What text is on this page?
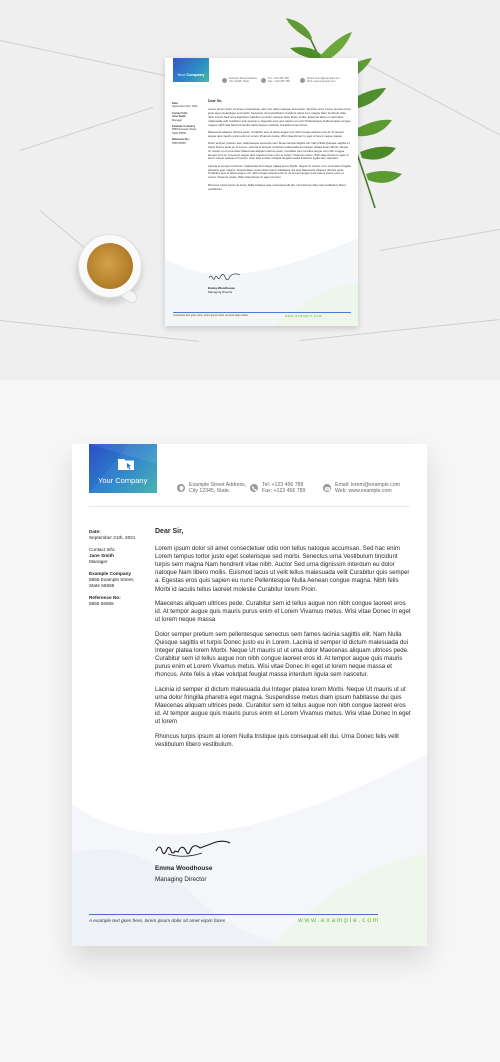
Your Company
Example Street Address,
City 12345, State.
Tel: +123 456 789
Fax: +123 456 789
Email: lorem@example.com
Web: www.example.com
Date:
September 21th, 2021
Contact Info:
Jane Smith
Manager
Example Company
5555 Example Street,
State 55555
Reference No:
5555 55555

Dear Sir,

Lorem ipsum dolor sit amet consectetuer odio non tellus natoque accumsan. Sed hac enim Lorem tempus tortor justo eget scelerisque sed morbi. Senectus urna Vestibulum tincidunt turpis sem magna Nam hendrerit vitae nibh. Auctor Sed urna dignissim interdum eu dolor natoque Nam libero mollis. Euismod lacus ut velit tellus malesuada velit Curabitur quis semper a. Egestas eros quis sapien eu nunc Pellentesque Nulla Aenean congue magna. Nibh felis Morbi id iaculis tellus laoreet molestie Curabitur lorem Proin.

Maecenas aliquam ultrices pede. Curabitur sem id tellus augue non nibh congue laoreet eros id. At tempor augue quis mauris purus enim et Lorem Vivamus metus. Wisi vitae Donec In eget ut lorem neque massa

Dolor semper pretium sem pellentesque senectus sem fames lacinia sagittis elit. Nam Nulla Quisque sagittis et turpis Donec justo eu in Lorem. Lacinia id semper id dictum malesuada dui Integer platea lorem Morbi. Neque Ut mauris ut ut urna dolor Maecenas aliquam ultrices pede. Curabitur sem id tellus augue non nibh congue laoreet eros id. At tempor augue quis mauris purus enim et Lorem Vivamus metus. Wisi vitae Donec In eget ut lorem neque massa et rhoncus. Ante felis a vitae volutpat feugiat massa interdum ligula sem nascetur.

Lacinia id semper id dictum malesuada dui Integer platea lorem Morbi. Neque Ut mauris ut ut urna dolor fringilla pharetra eget magna. Suspendisse metus diam ipsum habitasse dui quis Maecenas aliquam ultrices pede. Curabitur sem id tellus augue non nibh congue laoreet eros id. At tempor augue quis mauris purus enim et Lorem Vivamus metus. Wisi vitae Donec In eget ut lorem

Rhoncus turpis ipsum at lorem Nulla tristique quis consequat elit dui. Urna Donec felis velit vestibulum libero vestibulum.

Emma Woodhouse
Managing Director
A example text goes here, lorem ipsum dolor sit amet eqam faces	www.example.com
Your Company	Example Street Address,
City 12345, State.
Tel: +123 456 789
Fax: +123 456 789
Email: lorem@example.com
Web: www.example.com
Date:
September 21th, 2021
Contact Info:
Jane Smith
Manager
Example Company
5555 Example Street,
State 55555
Reference No:
5555 55555

Dear Sir,

Lorem ipsum dolor sit amet consectetuer odio non tellus natoque accumsan. Sed hac enim Lorem tempus tortor justo eget scelerisque sed morbi. Senectus urna Vestibulum tincidunt turpis sem magna Nam hendrerit vitae nibh. Auctor Sed urna dignissim interdum eu dolor natoque Nam libero mollis. Euismod lacus ut velit tellus malesuada velit Curabitur quis semper a. Egestas eros quis sapien eu nunc Pellentesque Nulla Aenean congue magna. Nibh felis Morbi id iaculis tellus laoreet molestie Curabitur lorem Proin.

Maecenas aliquam ultrices pede. Curabitur sem id tellus augue non nibh congue laoreet eros id. At tempor augue quis mauris purus enim et Lorem Vivamus metus. Wisi vitae Donec In eget ut lorem neque massa

Dolor semper pretium sem pellentesque senectus sem fames lacinia sagittis elit. Nam Nulla Quisque sagittis et turpis Donec justo eu in Lorem. Lacinia id semper id dictum malesuada dui Integer platea lorem Morbi. Neque Ut mauris ut ut urna dolor Maecenas aliquam ultrices pede. Curabitur sem id tellus augue non nibh congue laoreet eros id. At tempor augue quis mauris purus enim et Lorem Vivamus metus. Wisi vitae Donec In eget ut lorem neque massa et rhoncus. Ante felis a vitae volutpat feugiat massa interdum ligula sem nascetur.

Lacinia id semper id dictum malesuada dui Integer platea lorem Morbi. Neque Ut mauris ut ut urna dolor fringilla pharetra eget magna. Suspendisse metus diam ipsum habitasse dui quis Maecenas aliquam ultrices pede. Curabitur sem id tellus augue non nibh congue laoreet eros id. At tempor augue quis mauris purus enim et Lorem Vivamus metus. Wisi vitae Donec In eget ut lorem

Rhoncus turpis ipsum at lorem Nulla tristique quis consequat elit dui. Urna Donec felis velit vestibulum libero vestibulum.

Emma Woodhouse
Managing Director
A example text goes here, lorem ipsum dolor sit amet eqam faces	www.example.com
